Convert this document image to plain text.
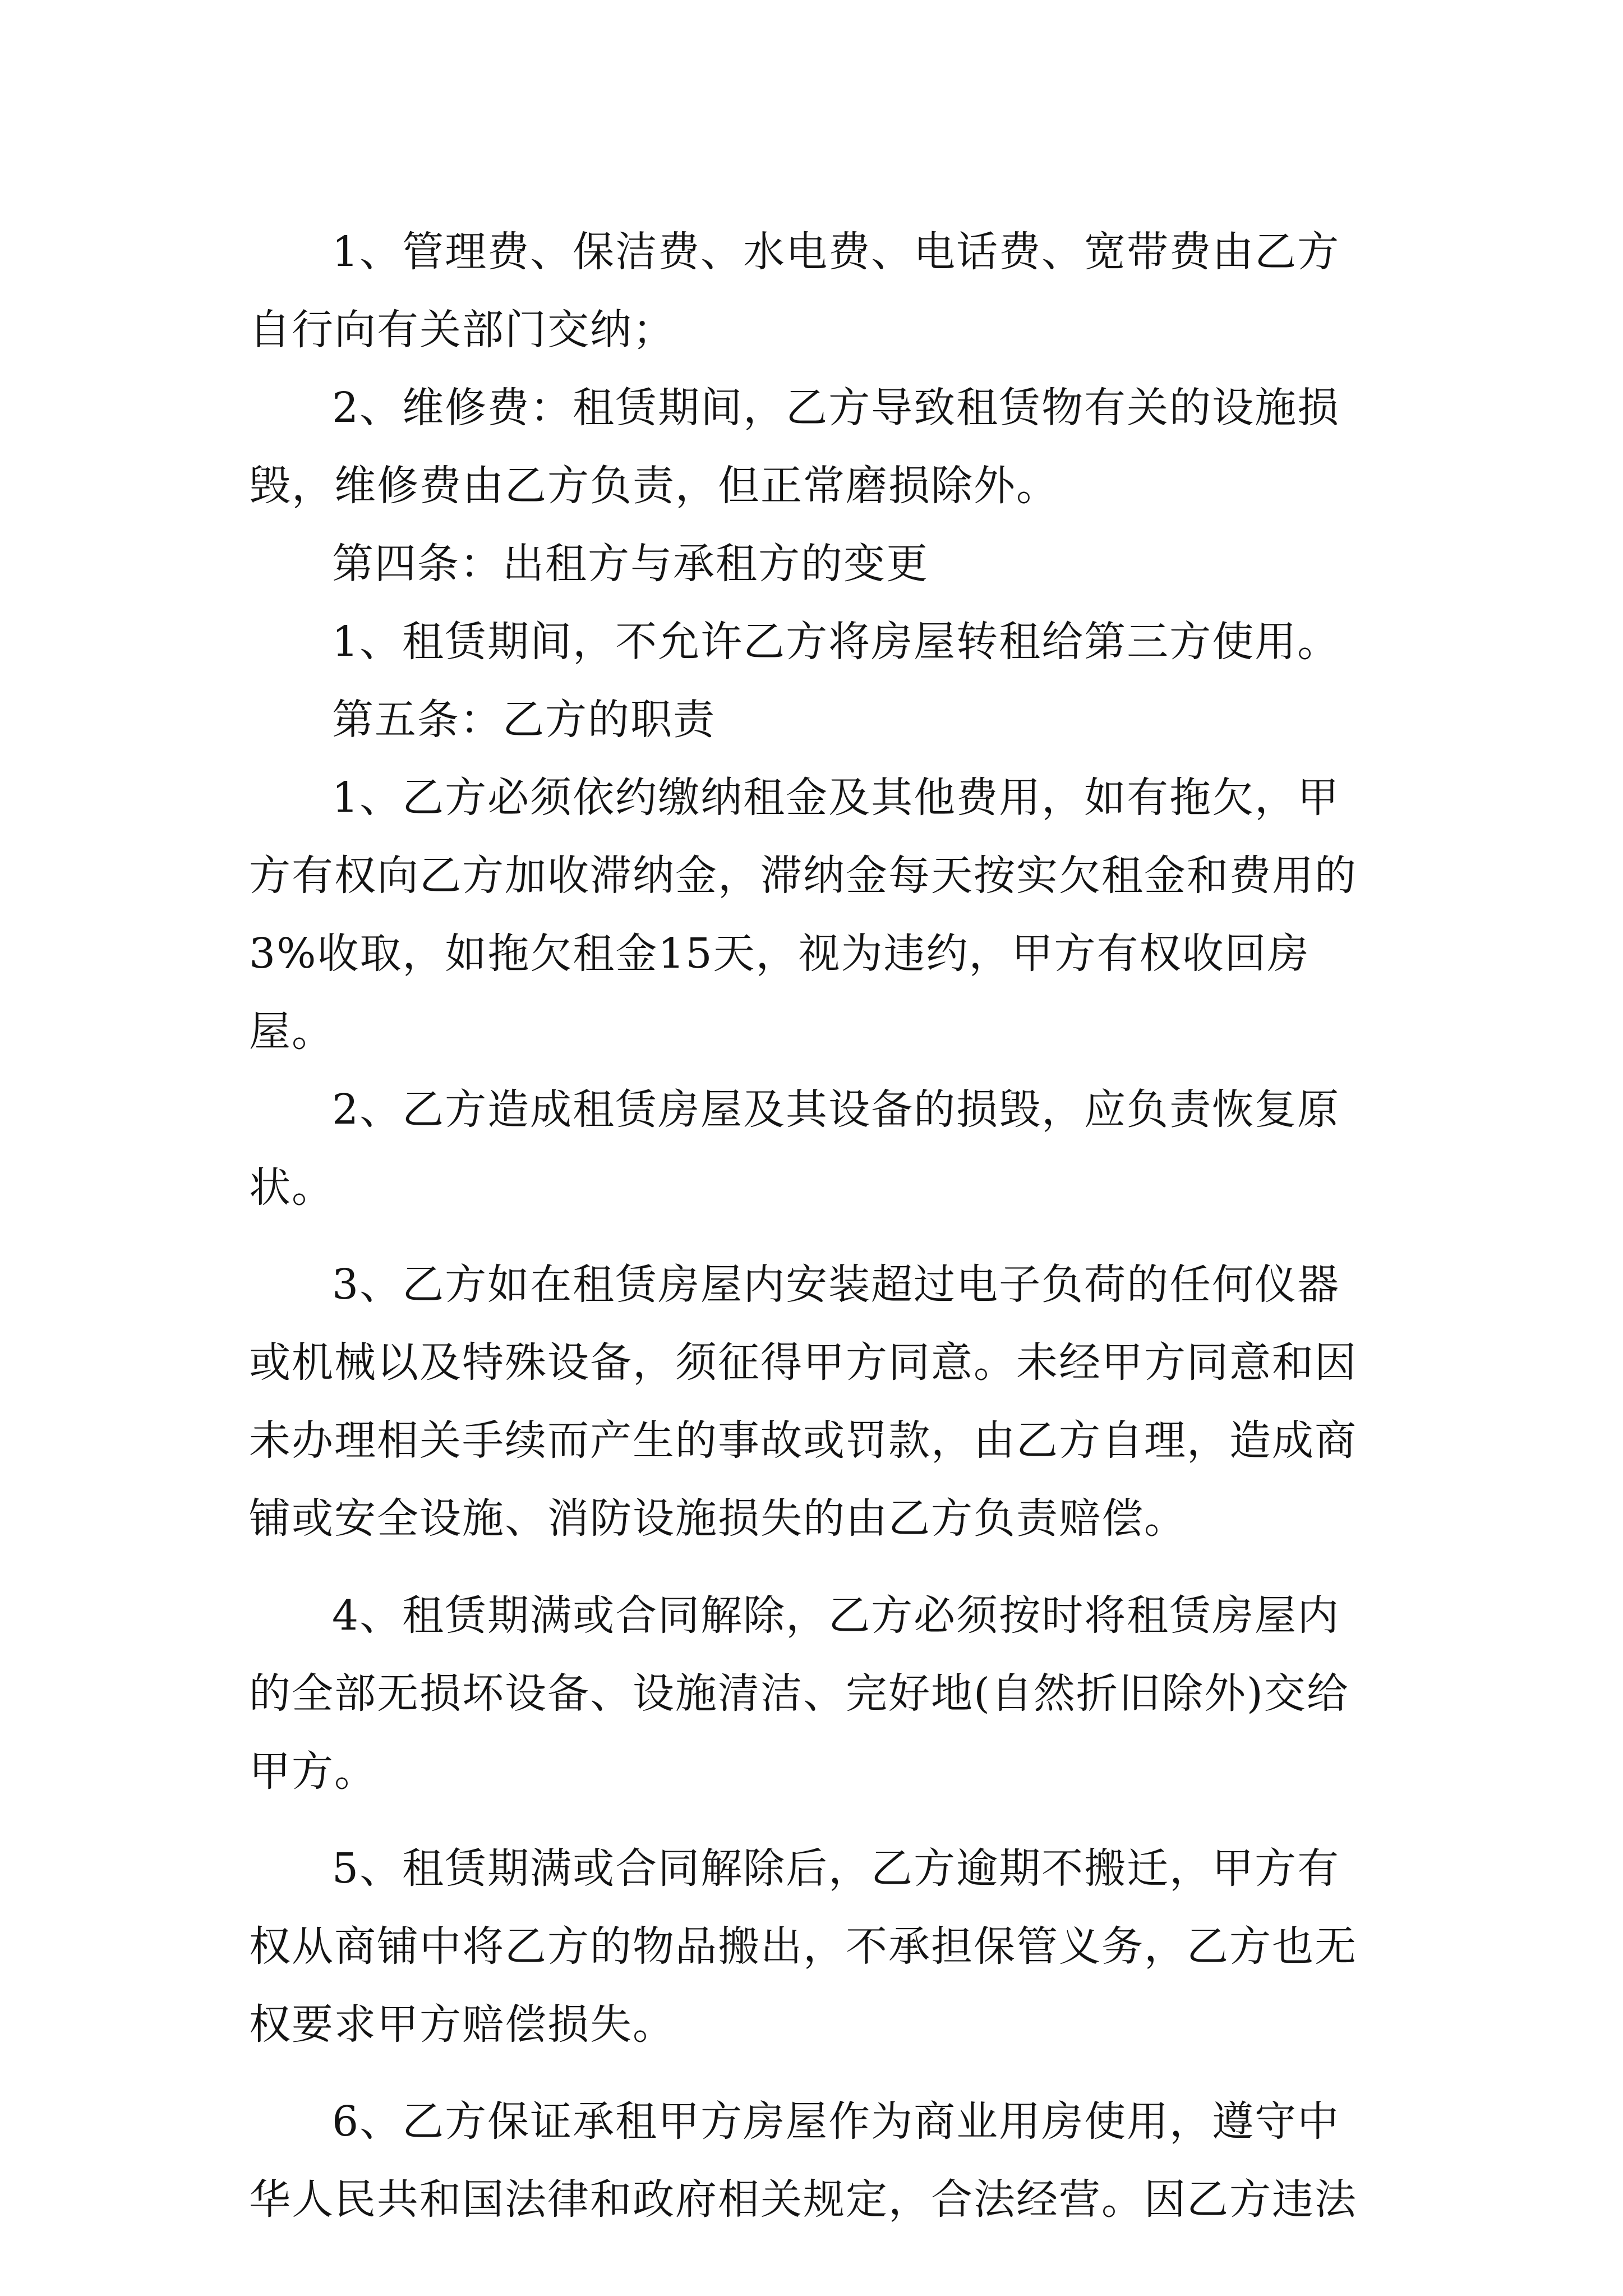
1、管理费、保洁费、水电费、电话费、宽带费由乙方自行向有关部门交纳；

2、维修费：租赁期间，乙方导致租赁物有关的设施损毁，维修费由乙方负责，但正常磨损除外。

第四条：出租方与承租方的变更

1、租赁期间，不允许乙方将房屋转租给第三方使用。

第五条：乙方的职责

1、乙方必须依约缴纳租金及其他费用，如有拖欠，甲方有权向乙方加收滞纳金，滞纳金每天按实欠租金和费用的3%收取，如拖欠租金15天，视为违约，甲方有权收回房屋。

2、乙方造成租赁房屋及其设备的损毁，应负责恢复原状。

3、乙方如在租赁房屋内安装超过电子负荷的任何仪器或机械以及特殊设备，须征得甲方同意。未经甲方同意和因未办理相关手续而产生的事故或罚款，由乙方自理，造成商铺或安全设施、消防设施损失的由乙方负责赔偿。

4、租赁期满或合同解除，乙方必须按时将租赁房屋内的全部无损坏设备、设施清洁、完好地(自然折旧除外)交给甲方。

5、租赁期满或合同解除后，乙方逾期不搬迁，甲方有权从商铺中将乙方的物品搬出，不承担保管义务，乙方也无权要求甲方赔偿损失。

6、乙方保证承租甲方房屋作为商业用房使用，遵守中华人民共和国法律和政府相关规定，合法经营。因乙方违法
